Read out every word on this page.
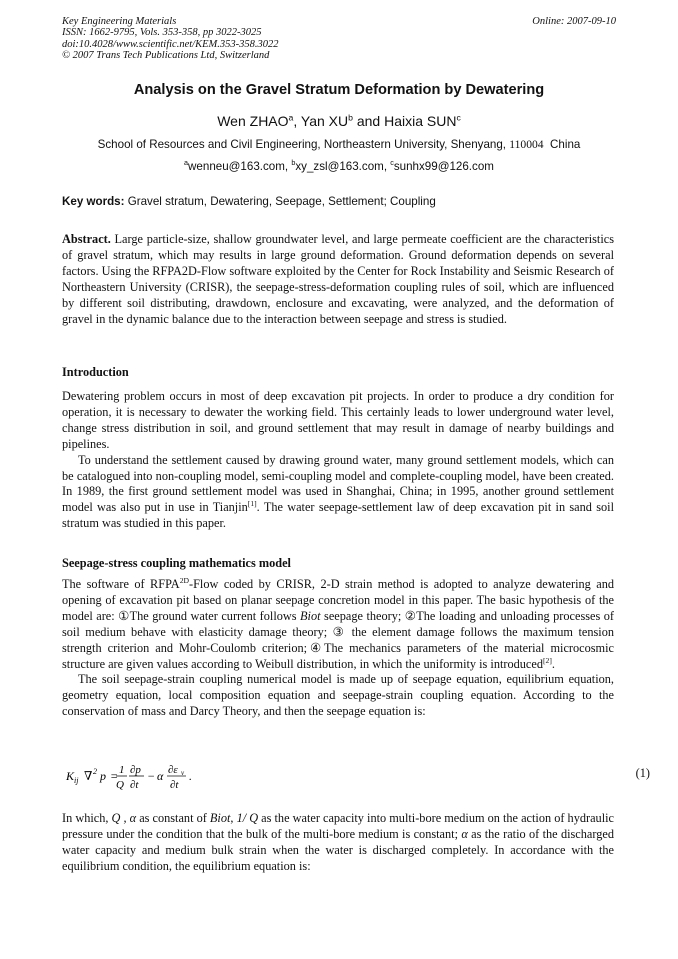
Key Engineering Materials
ISSN: 1662-9795, Vols. 353-358, pp 3022-3025
doi:10.4028/www.scientific.net/KEM.353-358.3022
© 2007 Trans Tech Publications Ltd, Switzerland
Online: 2007-09-10
Analysis on the Gravel Stratum Deformation by Dewatering
Wen ZHAO$^a$, Yan $XU^b$ and Haixia SUN$^c$
School of Resources and Civil Engineering, Northeastern University, Shenyang, 110004 China
$^a$wenneu@163.com, $^b$xy_zsl@163.com, $^c$sunhx99@126.com
Key words: Gravel stratum, Dewatering, Seepage, Settlement; Coupling
Abstract. Large particle-size, shallow groundwater level, and large permeate coefficient are the characteristics of gravel stratum, which may results in large ground deformation. Ground deformation depends on several factors. Using the RFPA2D-Flow software exploited by the Center for Rock Instability and Seismic Research of Northeastern University (CRISR), the seepage-stress-deformation coupling rules of soil, which are influenced by different soil distributing, drawdown, enclosure and excavating, were analyzed, and the deformation of gravel in the dynamic balance due to the interaction between seepage and stress is studied.
Introduction

Dewatering problem occurs in most of deep excavation pit projects. In order to produce a dry condition for operation, it is necessary to dewater the working field. This certainly leads to lower underground water level, change stress distribution in soil, and ground settlement that may result in damage of nearby buildings and pipelines.

To understand the settlement caused by drawing ground water, many ground settlement models, which can be catalogued into non-coupling model, semi-coupling model and complete-coupling model, have been created. In 1989, the first ground settlement model was used in Shanghai, China; in 1995, another ground settlement model was also put in use in Tianjin[1]. The water seepage-settlement law of deep excavation pit in sand soil stratum was studied in this paper.

Seepage-stress coupling mathematics model

The software of $RFPA^{2D}$-Flow coded by CRISR, 2-D strain method is adopted to analyze dewatering and opening of excavation pit based on planar seepage concretion model in this paper. The basic hypothesis of the model are: ①The ground water current follows Biot seepage theory; ②The loading and unloading processes of soil medium behave with elasticity damage theory; ③ the element damage follows the maximum tension strength criterion and Mohr-Coulomb criterion;④The mechanics parameters of the material microcosmic structure are given values according to Weibull distribution, in which the uniformity is introduced[2].

The soil seepage-strain coupling numerical model is made up of seepage equation, equilibrium equation, geometry equation, local composition equation and seepage-strain coupling equation. According to the conservation of mass and Darcy Theory, and then the seepage equation is:

K ij ∇ 2 p =
1
Q
∂p
∂t
−
α ∂ε v
∂t
.	(1)
In which, Q , α as constant of Biot, 1/ Q as the water capacity into multi-bore medium on the action of hydraulic pressure under the condition that the bulk of the multi-bore medium is constant; α as the ratio of the discharged water capacity and medium bulk strain when the water is discharged completely. In accordance with the equilibrium condition, the equilibrium equation is:
